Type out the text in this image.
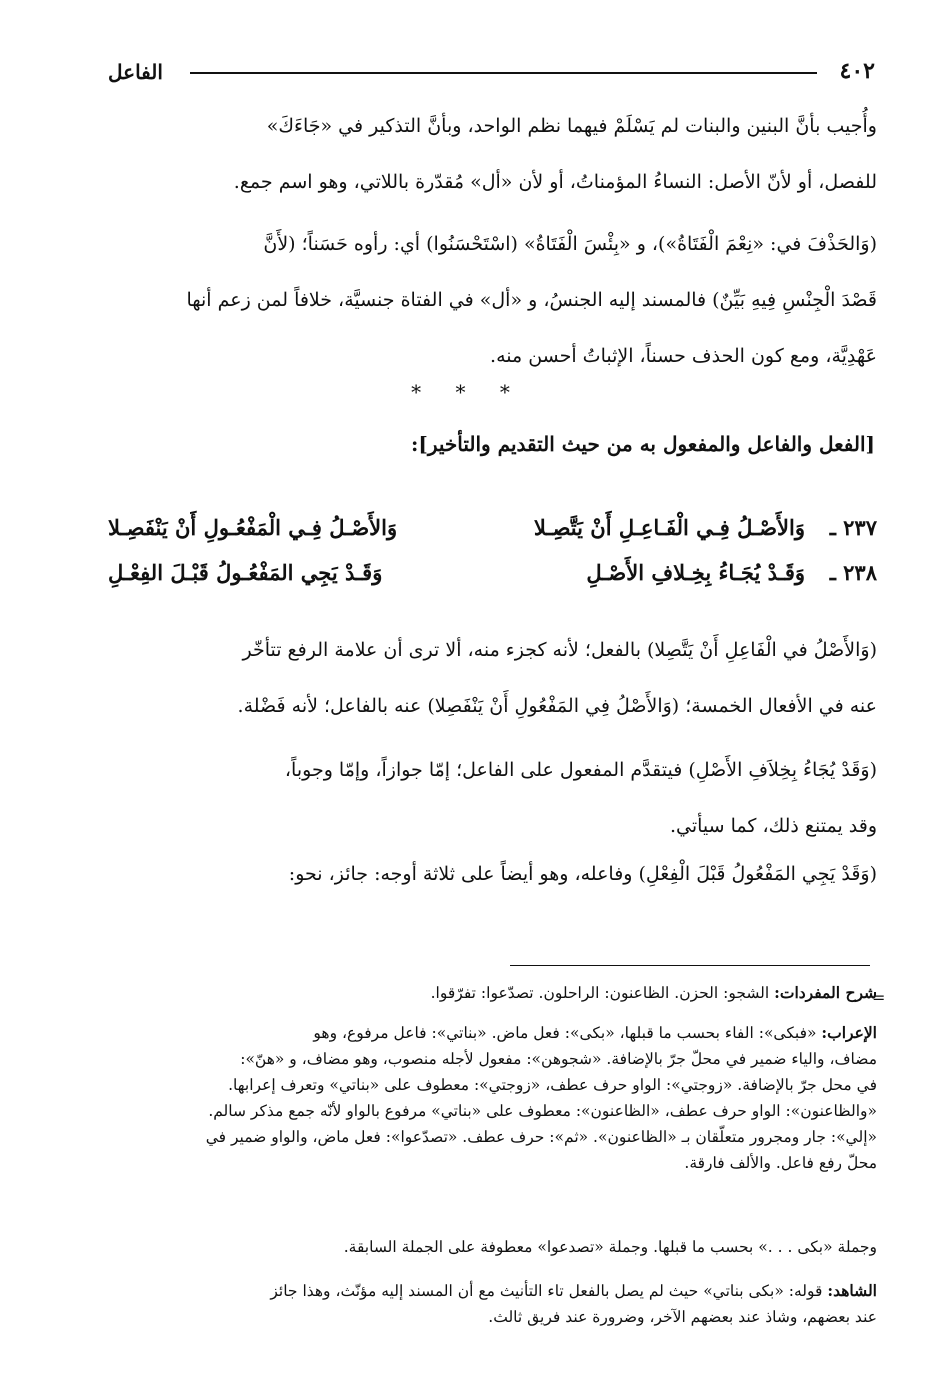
٤٠٢
الفاعل
وأُجيب بأنَّ البنين والبنات لم يَسْلَمْ فيهما نظم الواحد، وبأنَّ التذكير في «جَاءَكَ»
للفصل، أو لأنّ الأصل: النساءُ المؤمناتُ، أو لأن «أل» مُقدّرة باللاتي، وهو اسم جمع.
(وَالحَذْفَ في: «نِعْمَ الْفَتَاةُ»)، و «بِئْسَ الْفَتَاةُ» (اسْتَحْسَنُوا) أي: رأوه حَسَناً؛ (لأَنَّ
قَصْدَ الْجِنْسِ فِيهِ بَيِّنٌ) فالمسند إليه الجنسُ، و «أل» في الفتاة جنسيَّة، خلافاً لمن زعم أنها
عَهْدِيَّة، ومع كون الحذف حسناً، الإثباتُ أحسن منه.
* * *
[الفعل والفاعل والمفعول به من حيث التقديم والتأخير]:
٢٣٧ ـ
وَالأَصْـلُ فِـي الْفَـاعِـلِ أَنْ يَتَّصِـلا
وَالأَصْـلُ فِـي الْمَفْعُـولِ أَنْ يَنْفَصِـلا
٢٣٨ ـ
وَقَـدْ يُجَـاءُ بِخِـلافِ الأَصْـلِ
وَقَـدْ يَجِي المَفْعُـولُ قَبْـلَ الفِعْـلِ
(وَالأَصْلُ في الْفَاعِلِ أَنْ يَتَّصِلا) بالفعل؛ لأنه كجزء منه، ألا ترى أن علامة الرفع تتأخّر
عنه في الأفعال الخمسة؛ (وَالأَصْلُ فِي المَفْعُولِ أَنْ يَنْفَصِلا) عنه بالفاعل؛ لأنه فَضْلة.
(وَقَدْ يُجَاءُ بِخِلاَفِ الأَصْلِ) فيتقدَّم المفعول على الفاعل؛ إمّا جوازاً، وإمّا وجوباً،
وقد يمتنع ذلك، كما سيأتي.
(وَقَدْ يَجِي المَفْعُولُ قَبْلَ الْفِعْلِ) وفاعله، وهو أيضاً على ثلاثة أوجه: جائز، نحو:
=
شرح المفردات: الشجو: الحزن. الظاعنون: الراحلون. تصدّعوا: تفرّقوا.
الإعراب: «فبكى»: الفاء بحسب ما قبلها، «بكى»: فعل ماض. «بناتي»: فاعل مرفوع، وهو
مضاف، والياء ضمير في محلّ جرّ بالإضافة. «شجوهن»: مفعول لأجله منصوب، وهو مضاف، و «هنّ»:
في محل جرّ بالإضافة. «زوجتي»: الواو حرف عطف، «زوجتي»: معطوف على «بناتي» وتعرف إعرابها.
«والظاعنون»: الواو حرف عطف، «الظاعنون»: معطوف على «بناتي» مرفوع بالواو لأنّه جمع مذكر سالم.
«إلي»: جار ومجرور متعلّقان بـ «الظاعنون». «ثم»: حرف عطف. «تصدّعوا»: فعل ماض، والواو ضمير في
محلّ رفع فاعل. والألف فارقة.
وجملة «بكى . . .» بحسب ما قبلها. وجملة «تصدعوا» معطوفة على الجملة السابقة.
الشاهد: قوله: «بكى بناتي» حيث لم يصل بالفعل تاء التأنيث مع أن المسند إليه مؤنّث، وهذا جائز
عند بعضهم، وشاذ عند بعضهم الآخر، وضرورة عند فريق ثالث.
